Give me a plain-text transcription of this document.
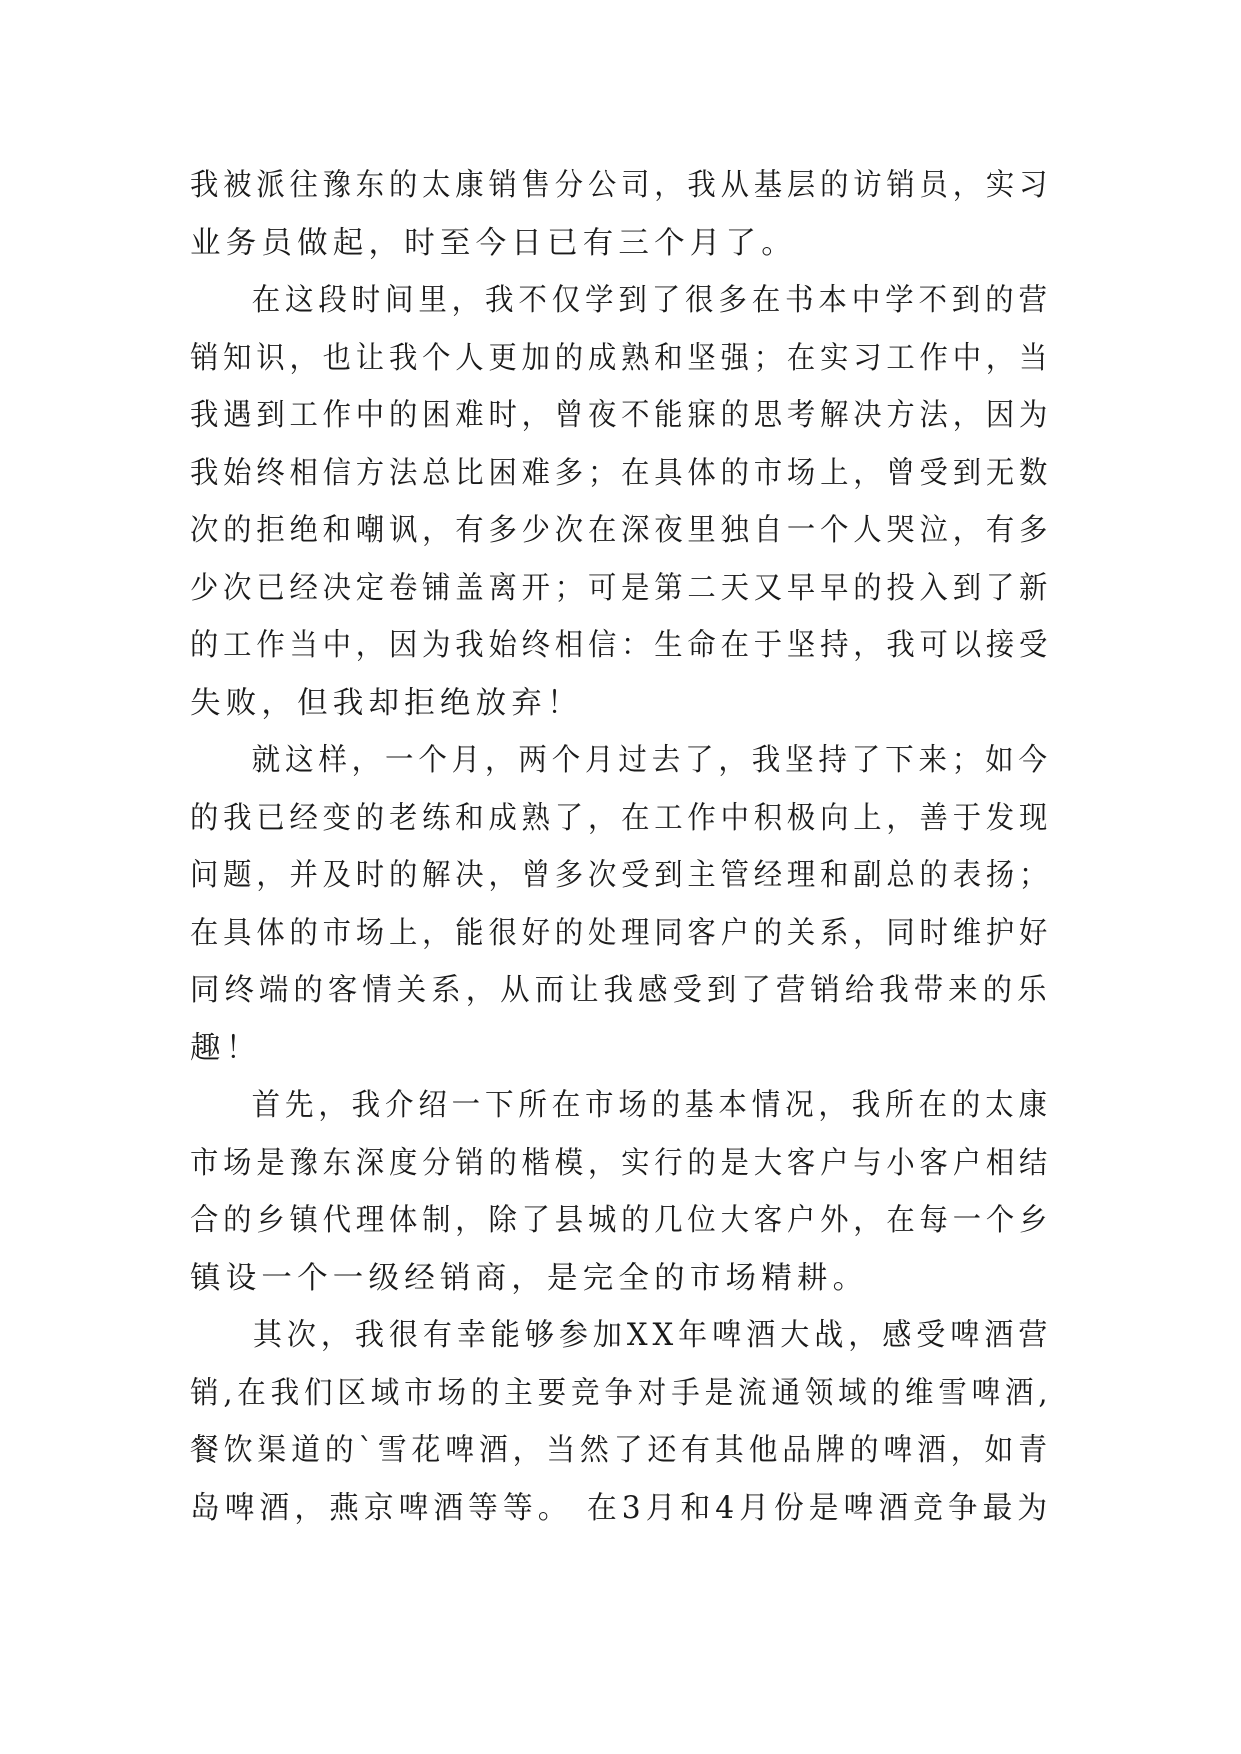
我被派往豫东的太康销售分公司，我从基层的访销员，实习
业务员做起，时至今日已有三个月了。
在这段时间里，我不仅学到了很多在书本中学不到的营
销知识，也让我个人更加的成熟和坚强；在实习工作中，当
我遇到工作中的困难时，曾夜不能寐的思考解决方法，因为
我始终相信方法总比困难多；在具体的市场上，曾受到无数
次的拒绝和嘲讽，有多少次在深夜里独自一个人哭泣，有多
少次已经决定卷铺盖离开；可是第二天又早早的投入到了新
的工作当中，因为我始终相信：生命在于坚持，我可以接受
失败，但我却拒绝放弃！
就这样，一个月，两个月过去了，我坚持了下来；如今
的我已经变的老练和成熟了，在工作中积极向上，善于发现
问题，并及时的解决，曾多次受到主管经理和副总的表扬；
在具体的市场上，能很好的处理同客户的关系，同时维护好
同终端的客情关系，从而让我感受到了营销给我带来的乐
趣！
首先，我介绍一下所在市场的基本情况，我所在的太康
市场是豫东深度分销的楷模，实行的是大客户与小客户相结
合的乡镇代理体制，除了县城的几位大客户外，在每一个乡
镇设一个一级经销商，是完全的市场精耕。
其次，我很有幸能够参加XX年啤酒大战，感受啤酒营
销,在我们区域市场的主要竞争对手是流通领域的维雪啤酒,
餐饮渠道的`雪花啤酒，当然了还有其他品牌的啤酒，如青
岛啤酒，燕京啤酒等等。 在3月和4月份是啤酒竞争最为
